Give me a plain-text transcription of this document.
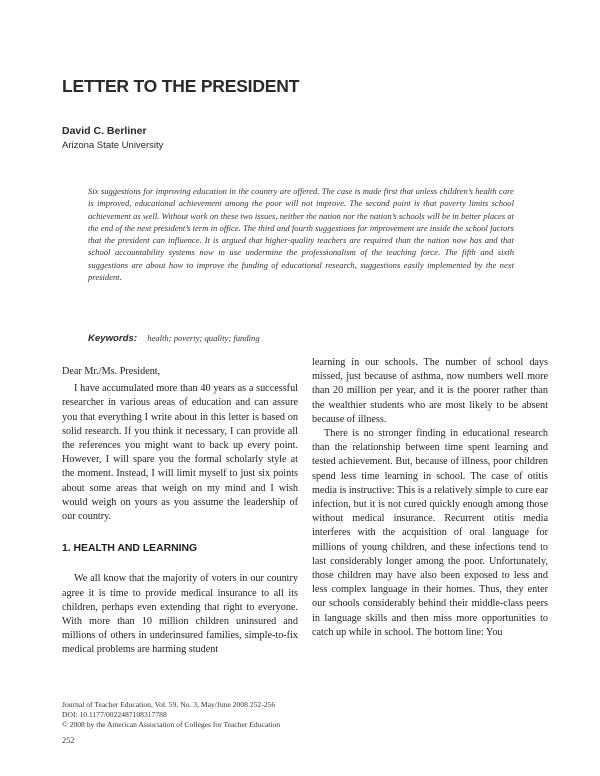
LETTER TO THE PRESIDENT
David C. Berliner
Arizona State University

Six suggestions for improving education in the country are offered. The case is made first that unless children’s health care is improved, educational achievement among the poor will not improve. The second point is that poverty limits school achievement as well. Without work on these two issues, neither the nation nor the nation’s schools will be in better places at the end of the next president’s term in office. The third and fourth suggestions for improvement are inside the school factors that the president can influence. It is argued that higher-quality teachers are required than the nation now has and that school accountability systems now in use undermine the professionalism of the teaching force. The fifth and sixth suggestions are about how to improve the funding of educational research, suggestions easily implemented by the next president.

Keywords: health; poverty; quality; funding

Dear Mr./Ms. President,

I have accumulated more than 40 years as a successful researcher in various areas of education and can assure you that everything I write about in this letter is based on solid research. If you think it necessary, I can provide all the references you might want to back up every point. However, I will spare you the formal scholarly style at the moment. Instead, I will limit myself to just six points about some areas that weigh on my mind and I wish would weigh on yours as you assume the leadership of our country.

1. HEALTH AND LEARNING

We all know that the majority of voters in our country agree it is time to provide medical insurance to all its children, perhaps even extending that right to everyone. With more than 10 million children uninsured and millions of others in underinsured families, simple-to-fix medical problems are harming student

learning in our schools. The number of school days missed, just because of asthma, now numbers well more than 20 million per year, and it is the poorer rather than the wealthier students who are most likely to be absent because of illness.

There is no stronger finding in educational research than the relationship between time spent learning and tested achievement. But, because of illness, poor children spend less time learning in school. The case of otitis media is instructive: This is a relatively simple to cure ear infection, but it is not cured quickly enough among those without medical insurance. Recurrent otitis media interferes with the acquisition of oral language for millions of young children, and these infections tend to last considerably longer among the poor. Unfortunately, those children may have also been exposed to less and less complex language in their homes. Thus, they enter our schools considerably behind their middle-class peers in language skills and then miss more opportunities to catch up while in school. The bottom line: You

Journal of Teacher Education, Vol. 59, No. 3, May/June 2008 252-256
DOI: 10.1177/0022487108317788
© 2008 by the American Association of Colleges for Teacher Education
252
